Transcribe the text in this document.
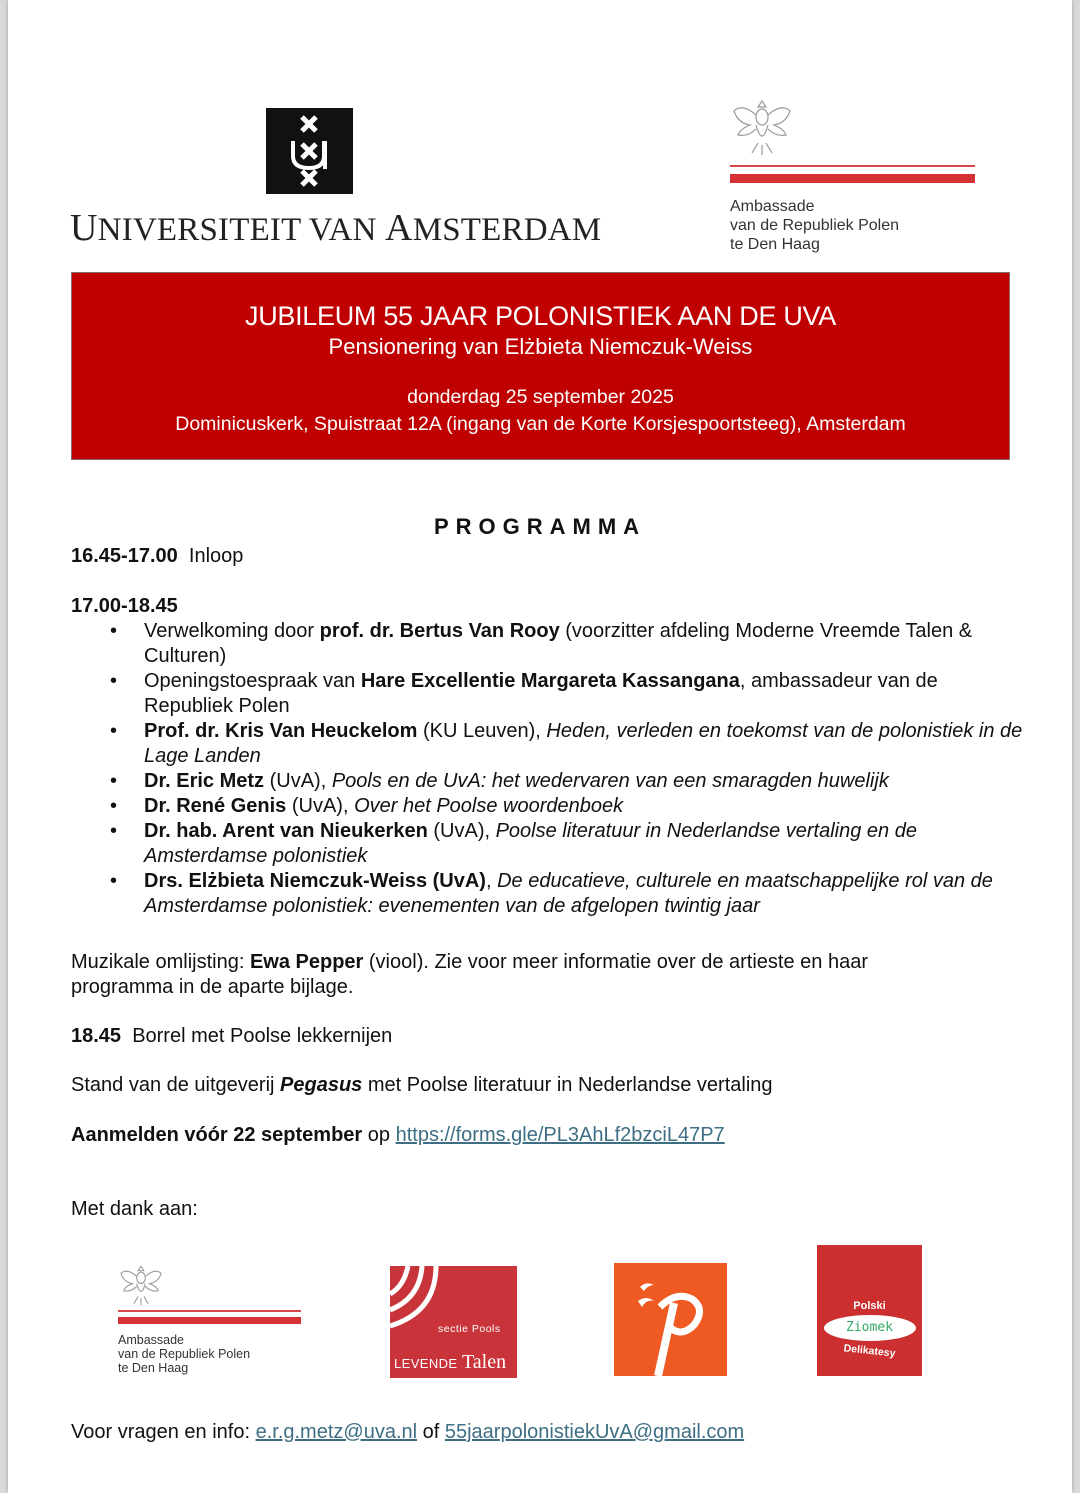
UNIVERSITEIT VAN AMSTERDAM
Ambassade
van de Republiek Polen
te Den Haag
JUBILEUM 55 JAAR POLONISTIEK AAN DE UVA
Pensionering van Elżbieta Niemczuk-Weiss
donderdag 25 september 2025
Dominicuskerk, Spuistraat 12A (ingang van de Korte Korsjespoortsteeg), Amsterdam
PROGRAMMA
16.45-17.00 Inloop
17.00-18.45
• Verwelkoming door prof. dr. Bertus Van Rooy (voorzitter afdeling Moderne Vreemde Talen & Culturen)
• Openingstoespraak van Hare Excellentie Margareta Kassangana, ambassadeur van de Republiek Polen
• Prof. dr. Kris Van Heuckelom (KU Leuven), Heden, verleden en toekomst van de polonistiek in de Lage Landen
• Dr. Eric Metz (UvA), Pools en de UvA: het wedervaren van een smaragden huwelijk
• Dr. René Genis (UvA), Over het Poolse woordenboek
• Dr. hab. Arent van Nieukerken (UvA), Poolse literatuur in Nederlandse vertaling en de Amsterdamse polonistiek
• Drs. Elżbieta Niemczuk-Weiss (UvA), De educatieve, culturele en maatschappelijke rol van de Amsterdamse polonistiek: evenementen van de afgelopen twintig jaar
Muzikale omlijsting: Ewa Pepper (viool). Zie voor meer informatie over de artieste en haar programma in de aparte bijlage.
18.45 Borrel met Poolse lekkernijen
Stand van de uitgeverij Pegasus met Poolse literatuur in Nederlandse vertaling
Aanmelden vóór 22 september op https://forms.gle/PL3AhLf2bzciL47P7
Met dank aan:
Ambassade
van de Republiek Polen
te Den Haag
sectie Pools
LEVENDE Talen
Polski
Ziomek
Delikatesy
Voor vragen en info: e.r.g.metz@uva.nl of 55jaarpolonistiekUvA@gmail.com
